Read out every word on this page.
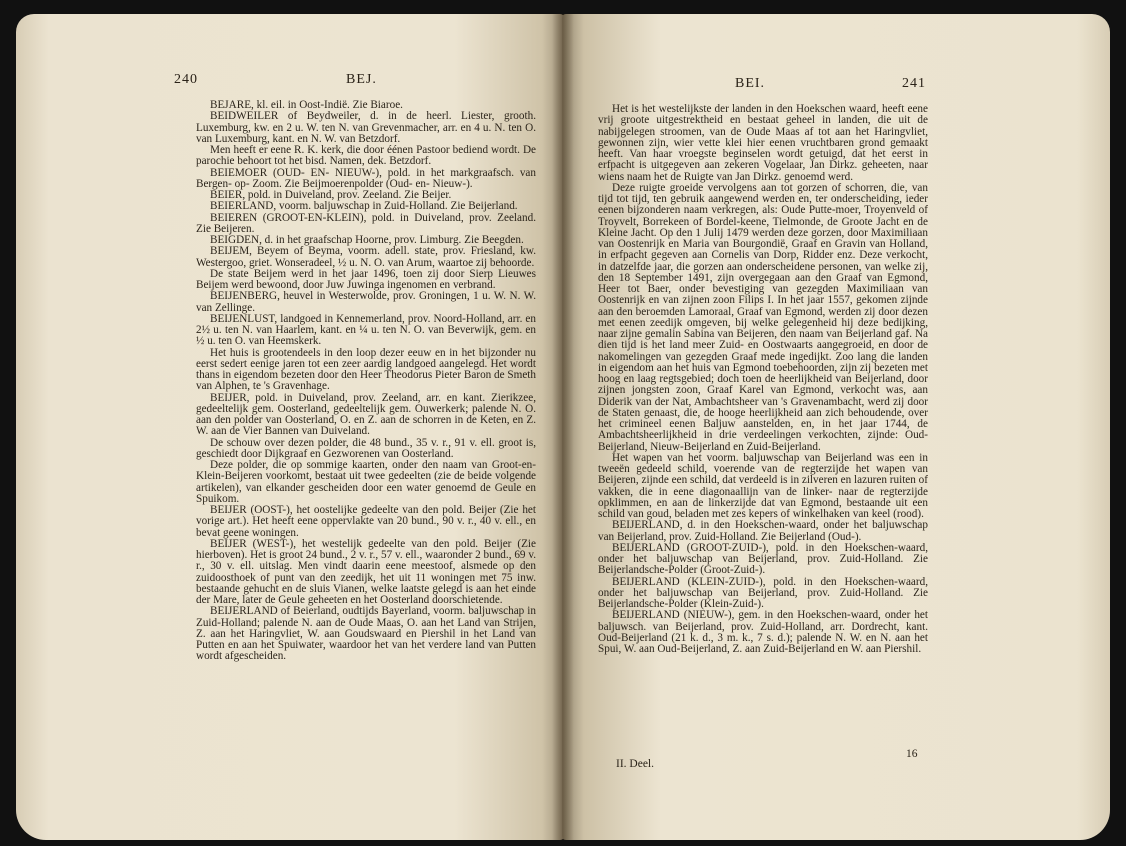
240	BEJ.	BEI.	241

BEJARE, kl. eil. in Oost-Indië. Zie Biaroe.

BEIDWEILER of Beydweiler, d. in de heerl. Liester, grooth. Luxemburg, kw. en 2 u. W. ten N. van Grevenmacher, arr. en 4 u. N. ten O. van Luxemburg, kant. en N. W. van Betzdorf.

Men heeft er eene R. K. kerk, die door éénen Pastoor bediend wordt. De parochie behoort tot het bisd. Namen, dek. Betzdorf.

BEIEMOER (OUD- EN- NIEUW-), pold. in het markgraafsch. van Bergen- op- Zoom. Zie Beijmoerenpolder (Oud- en- Nieuw-).

BEIER, pold. in Duiveland, prov. Zeeland. Zie Beijer.

BEIERLAND, voorm. baljuwschap in Zuid-Holland. Zie Beijerland.

BEIEREN (GROOT-EN-KLEIN), pold. in Duiveland, prov. Zeeland. Zie Beijeren.

BEIGDEN, d. in het graafschap Hoorne, prov. Limburg. Zie Beegden.

BEIJEM, Beyem of Beyma, voorm. adell. state, prov. Friesland, kw. Westergoo, griet. Wonseradeel, ½ u. N. O. van Arum, waartoe zij behoorde.

De state Beijem werd in het jaar 1496, toen zij door Sierp Lieuwes Beijem werd bewoond, door Juw Juwinga ingenomen en verbrand.

BEIJENBERG, heuvel in Westerwolde, prov. Groningen, 1 u. W. N. W. van Zellinge.

BEIJENLUST, landgoed in Kennemerland, prov. Noord-Holland, arr. en 2½ u. ten N. van Haarlem, kant. en ¼ u. ten N. O. van Beverwijk, gem. en ½ u. ten O. van Heemskerk.

Het huis is grootendeels in den loop dezer eeuw en in het bijzonder nu eerst sedert eenige jaren tot een zeer aardig landgoed aangelegd. Het wordt thans in eigendom bezeten door den Heer Theodorus Pieter Baron de Smeth van Alphen, te 's Gravenhage.

BEIJER, pold. in Duiveland, prov. Zeeland, arr. en kant. Zierikzee, gedeeltelijk gem. Oosterland, gedeeltelijk gem. Ouwerkerk; palende N. O. aan den polder van Oosterland, O. en Z. aan de schorren in de Keten, en Z. W. aan de Vier Bannen van Duiveland.

De schouw over dezen polder, die 48 bund., 35 v. r., 91 v. ell. groot is, geschiedt door Dijkgraaf en Gezworenen van Oosterland.

Deze polder, die op sommige kaarten, onder den naam van Groot-en-Klein-Beijeren voorkomt, bestaat uit twee gedeelten (zie de beide volgende artikelen), van elkander gescheiden door een water genoemd de Geule en Spuikom.

BEIJER (OOST-), het oostelijke gedeelte van den pold. Beijer (Zie het vorige art.). Het heeft eene oppervlakte van 20 bund., 90 v. r., 40 v. ell., en bevat geene woningen.

BEIJER (WEST-), het westelijk gedeelte van den pold. Beijer (Zie hierboven). Het is groot 24 bund., 2 v. r., 57 v. ell., waaronder 2 bund., 69 v. r., 30 v. ell. uitslag. Men vindt daarin eene meestoof, alsmede op den zuidoosthoek of punt van den zeedijk, het uit 11 woningen met 75 inw. bestaande gehucht en de sluis Vianen, welke laatste gelegd is aan het einde der Mare, later de Geule geheeten en het Oosterland doorschietende.

BEIJERLAND of Beierland, oudtijds Bayerland, voorm. baljuwschap in Zuid-Holland; palende N. aan de Oude Maas, O. aan het Land van Strijen, Z. aan het Haringvliet, W. aan Goudswaard en Piershil in het Land van Putten en aan het Spuiwater, waardoor het van het verdere land van Putten wordt afgescheiden.

Het is het westelijkste der landen in den Hoekschen waard, heeft eene vrij groote uitgestrektheid en bestaat geheel in landen, die uit de nabijgelegen stroomen, van de Oude Maas af tot aan het Haringvliet, gewonnen zijn, wier vette klei hier eenen vruchtbaren grond gemaakt heeft. Van haar vroegste beginselen wordt getuigd, dat het eerst in erfpacht is uitgegeven aan zekeren Vogelaar, Jan Dirkz. geheeten, naar wiens naam het de Ruigte van Jan Dirkz. genoemd werd.

Deze ruigte groeide vervolgens aan tot gorzen of schorren, die, van tijd tot tijd, ten gebruik aangewend werden en, ter onderscheiding, ieder eenen bijzonderen naam verkregen, als: Oude Putte-moer, Troyenveld of Troyvelt, Borrekeen of Bordel-keene, Tielmonde, de Groote Jacht en de Kleine Jacht. Op den 1 Julij 1479 werden deze gorzen, door Maximiliaan van Oostenrijk en Maria van Bourgondië, Graaf en Gravin van Holland, in erfpacht gegeven aan Cornelis van Dorp, Ridder enz. Deze verkocht, in datzelfde jaar, die gorzen aan onderscheidene personen, van welke zij, den 18 September 1491, zijn overgegaan aan den Graaf van Egmond, Heer tot Baer, onder bevestiging van gezegden Maximiliaan van Oostenrijk en van zijnen zoon Filips I. In het jaar 1557, gekomen zijnde aan den beroemden Lamoraal, Graaf van Egmond, werden zij door dezen met eenen zeedijk omgeven, bij welke gelegenheid hij deze bedijking, naar zijne gemalin Sabina van Beijeren, den naam van Beijerland gaf. Na dien tijd is het land meer Zuid- en Oostwaarts aangegroeid, en door de nakomelingen van gezegden Graaf mede ingedijkt. Zoo lang die landen in eigendom aan het huis van Egmond toebehoorden, zijn zij bezeten met hoog en laag regtsgebied; doch toen de heerlijkheid van Beijerland, door zijnen jongsten zoon, Graaf Karel van Egmond, verkocht was, aan Diderik van der Nat, Ambachtsheer van 's Gravenambacht, werd zij door de Staten genaast, die, de hooge heerlijkheid aan zich behoudende, over het crimineel eenen Baljuw aanstelden, en, in het jaar 1744, de Ambachtsheerlijkheid in drie verdeelingen verkochten, zijnde: Oud-Beijerland, Nieuw-Beijerland en Zuid-Beijerland.

Het wapen van het voorm. baljuwschap van Beijerland was een in tweeën gedeeld schild, voerende van de regterzijde het wapen van Beijeren, zijnde een schild, dat verdeeld is in zilveren en lazuren ruiten of vakken, die in eene diagonaallijn van de linker- naar de regterzijde opklimmen, en aan de linkerzijde dat van Egmond, bestaande uit een schild van goud, beladen met zes kepers of winkelhaken van keel (rood).

BEIJERLAND, d. in den Hoekschen-waard, onder het baljuwschap van Beijerland, prov. Zuid-Holland. Zie Beijerland (Oud-).

BEIJERLAND (GROOT-ZUID-), pold. in den Hoekschen-waard, onder het baljuwschap van Beijerland, prov. Zuid-Holland. Zie Beijerlandsche-Polder (Groot-Zuid-).

BEIJERLAND (KLEIN-ZUID-), pold. in den Hoekschen-waard, onder het baljuwschap van Beijerland, prov. Zuid-Holland. Zie Beijerlandsche-Polder (Klein-Zuid-).

BEIJERLAND (NIEUW-), gem. in den Hoekschen-waard, onder het baljuwsch. van Beijerland, prov. Zuid-Holland, arr. Dordrecht, kant. Oud-Beijerland (21 k. d., 3 m. k., 7 s. d.); palende N. W. en N. aan het Spui, W. aan Oud-Beijerland, Z. aan Zuid-Beijerland en W. aan Piershil.

II. Deel.
16
